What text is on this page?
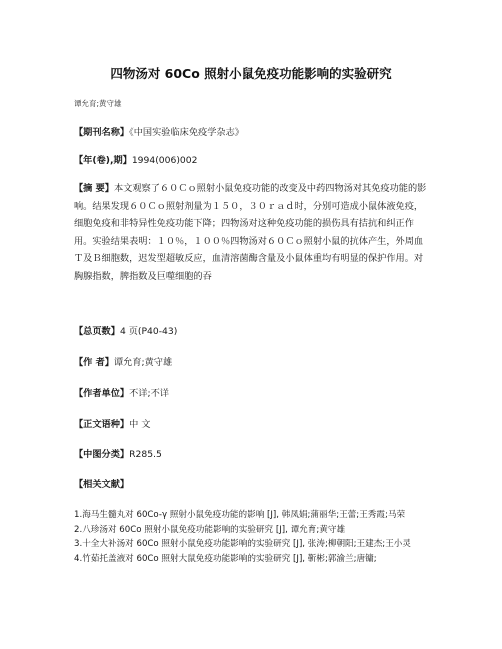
四物汤对 60Co 照射小鼠免疫功能影响的实验研究
谭允育;黄守雄
【期刊名称】《中国实验临床免疫学杂志》
【年(卷),期】1994(006)002
【摘 要】本文观察了６０Ｃｏ照射小鼠免疫功能的改变及中药四物汤对其免疫功能的影响。结果发现６０Ｃｏ照射剂量为１５０，３０ｒａｄ时，分别可造成小鼠体液免疫，细胞免疫和非特异性免疫功能下降；四物汤对这种免疫功能的损伤具有拮抗和纠正作用。实验结果表明：１０％，１００％四物汤对６０Ｃｏ照射小鼠的抗体产生，外周血Ｔ及Ｂ细胞数，迟发型超敏反应，血清溶菌酶含量及小鼠体重均有明显的保护作用。对胸腺指数，脾指数及巨噬细胞的吞
【总页数】4 页(P40-43)
【作 者】谭允育;黄守雄
【作者单位】不详;不详
【正文语种】中 文
【中图分类】R285.5
【相关文献】
1.海马生髓丸对 60Co-γ 照射小鼠免疫功能的影响 [J], 韩凤娟;蒲丽华;王蕾;王秀霞;马荣
2.八珍汤对 60Co 照射小鼠免疫功能影响的实验研究 [J], 谭允育;黄守雄
3.十全大补汤对 60Co 照射小鼠免疫功能影响的实验研究 [J], 张涛;柳朝阳;王建杰;王小灵
4.竹茹托盖液对 60Co 照射大鼠免疫功能影响的实验研究 [J], 靳彬;郭渝兰;唐镛;
